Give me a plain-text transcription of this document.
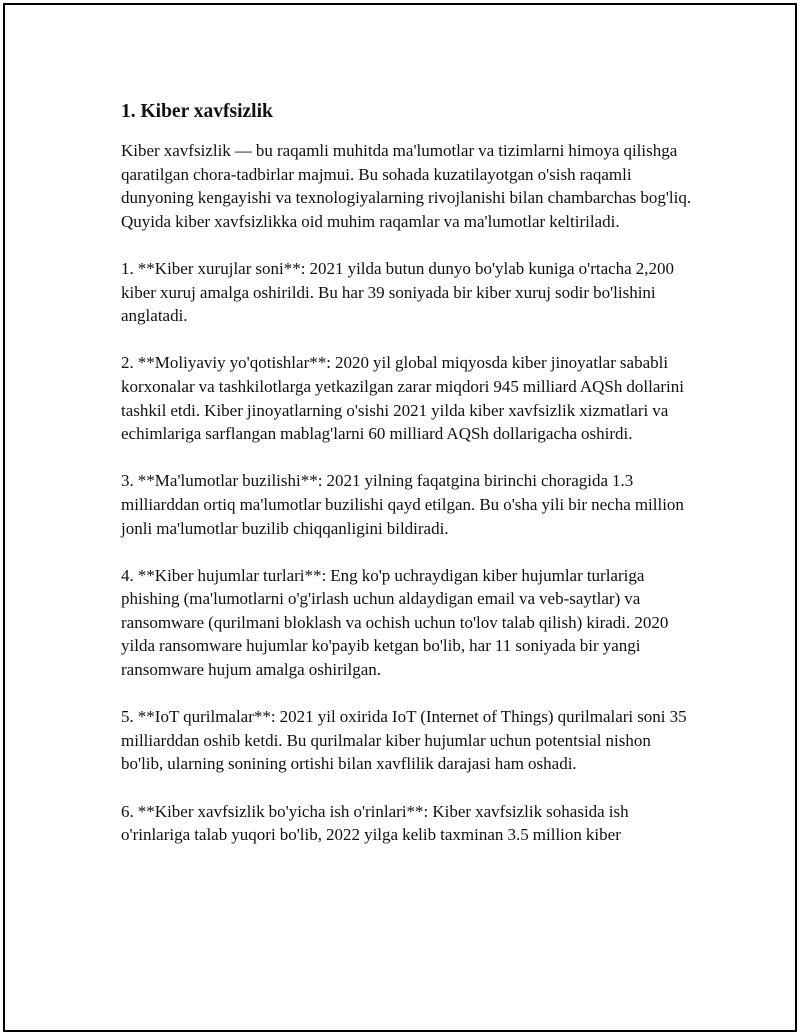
1. Kiber xavfsizlik

Kiber xavfsizlik — bu raqamli muhitda ma'lumotlar va tizimlarni himoya qilishga qaratilgan chora-tadbirlar majmui. Bu sohada kuzatilayotgan o'sish raqamli dunyoning kengayishi va texnologiyalarning rivojlanishi bilan chambarchas bog'liq. Quyida kiber xavfsizlikka oid muhim raqamlar va ma'lumotlar keltiriladi.

1. **Kiber xurujlar soni**: 2021 yilda butun dunyo bo'ylab kuniga o'rtacha 2,200 kiber xuruj amalga oshirildi. Bu har 39 soniyada bir kiber xuruj sodir bo'lishini anglatadi.

2. **Moliyaviy yo'qotishlar**: 2020 yil global miqyosda kiber jinoyatlar sababli korxonalar va tashkilotlarga yetkazilgan zarar miqdori 945 milliard AQSh dollarini tashkil etdi. Kiber jinoyatlarning o'sishi 2021 yilda kiber xavfsizlik xizmatlari va echimlariga sarflangan mablag'larni 60 milliard AQSh dollarigacha oshirdi.

3. **Ma'lumotlar buzilishi**: 2021 yilning faqatgina birinchi choragida 1.3 milliarddan ortiq ma'lumotlar buzilishi qayd etilgan. Bu o'sha yili bir necha million jonli ma'lumotlar buzilib chiqqanligini bildiradi.

4. **Kiber hujumlar turlari**: Eng ko'p uchraydigan kiber hujumlar turlariga phishing (ma'lumotlarni o'g'irlash uchun aldaydigan email va veb-saytlar) va ransomware (qurilmani bloklash va ochish uchun to'lov talab qilish) kiradi. 2020 yilda ransomware hujumlar ko'payib ketgan bo'lib, har 11 soniyada bir yangi ransomware hujum amalga oshirilgan.

5. **IoT qurilmalar**: 2021 yil oxirida IoT (Internet of Things) qurilmalari soni 35 milliarddan oshib ketdi. Bu qurilmalar kiber hujumlar uchun potentsial nishon bo'lib, ularning sonining ortishi bilan xavflilik darajasi ham oshadi.

6. **Kiber xavfsizlik bo'yicha ish o'rinlari**: Kiber xavfsizlik sohasida ish o'rinlariga talab yuqori bo'lib, 2022 yilga kelib taxminan 3.5 million kiber
